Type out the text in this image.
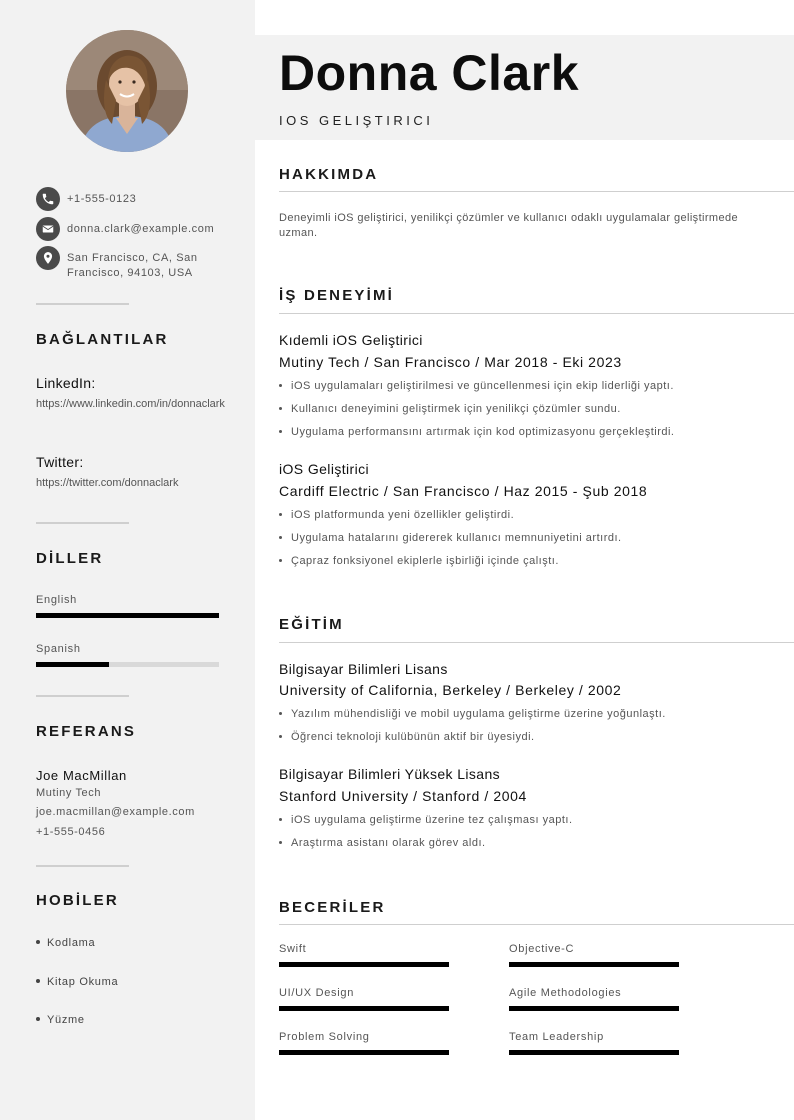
+1-555-0123
donna.clark@example.com
San Francisco, CA, San
Francisco, 94103, USA
BAĞLANTILAR
LinkedIn:
https://www.linkedin.com/in/donnaclark
Twitter:
https://twitter.com/donnaclark
DİLLER
English
Spanish
REFERANS
Joe MacMillan
Mutiny Tech
joe.macmillan@example.com
+1-555-0456
HOBİLER
Kodlama
Kitap Okuma
Yüzme
Donna Clark
IOS GELIŞTIRICI
HAKKIMDA
Deneyimli iOS geliştirici, yenilikçi çözümler ve kullanıcı odaklı uygulamalar geliştirmede uzman.
İŞ DENEYİMİ
Kıdemli iOS Geliştirici
Mutiny Tech / San Francisco / Mar 2018 - Eki 2023
iOS uygulamaları geliştirilmesi ve güncellenmesi için ekip liderliği yaptı.
Kullanıcı deneyimini geliştirmek için yenilikçi çözümler sundu.
Uygulama performansını artırmak için kod optimizasyonu gerçekleştirdi.
iOS Geliştirici
Cardiff Electric / San Francisco / Haz 2015 - Şub 2018
iOS platformunda yeni özellikler geliştirdi.
Uygulama hatalarını gidererek kullanıcı memnuniyetini artırdı.
Çapraz fonksiyonel ekiplerle işbirliği içinde çalıştı.
EĞİTİM
Bilgisayar Bilimleri Lisans
University of California, Berkeley / Berkeley / 2002
Yazılım mühendisliği ve mobil uygulama geliştirme üzerine yoğunlaştı.
Öğrenci teknoloji kulübünün aktif bir üyesiydi.
Bilgisayar Bilimleri Yüksek Lisans
Stanford University / Stanford / 2004
iOS uygulama geliştirme üzerine tez çalışması yaptı.
Araştırma asistanı olarak görev aldı.
BECERİLER
Swift	Objective-C
UI/UX Design	Agile Methodologies
Problem Solving	Team Leadership
